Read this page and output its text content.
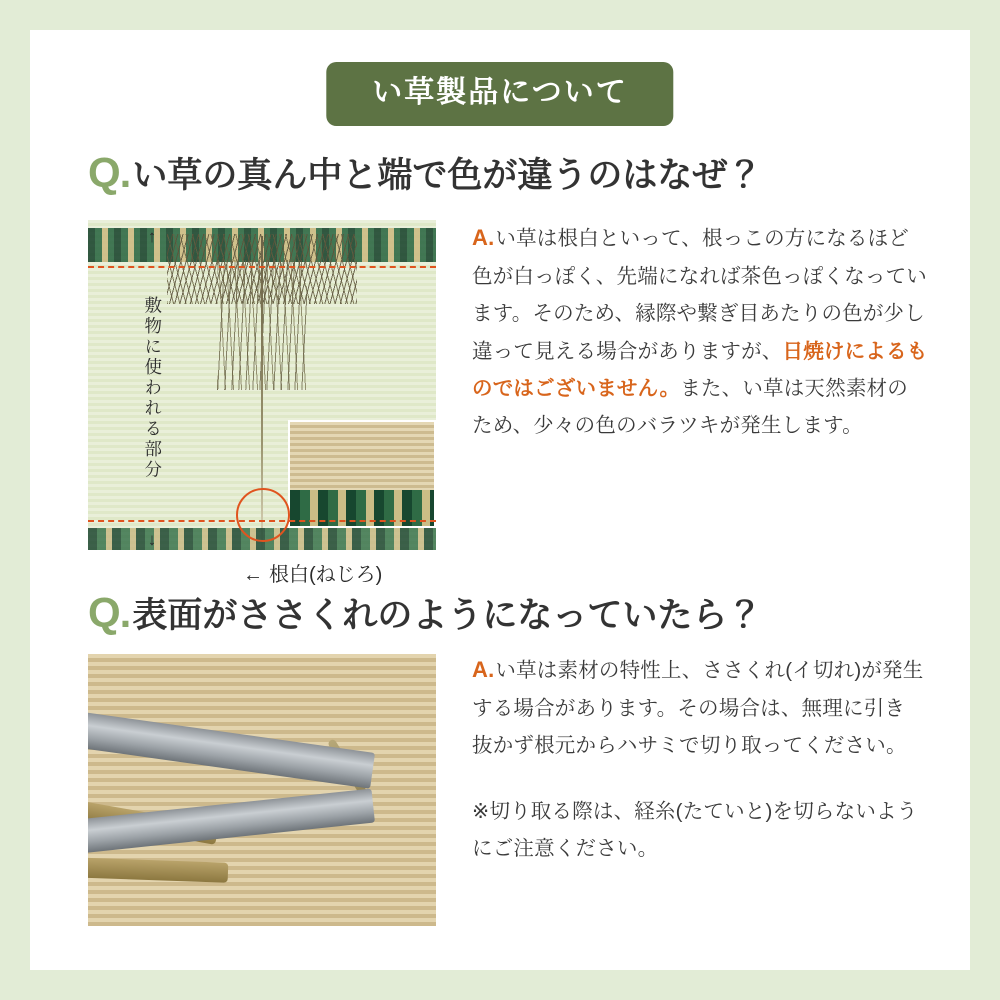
い草製品について
Q. い草の真ん中と端で色が違うのはなぜ？
↑
敷物に使われる部分
↓
← 根白(ねじろ)

A.い草は根白といって、根っこの方になるほど色が白っぽく、先端になれば茶色っぽくなっています。そのため、縁際や繋ぎ目あたりの色が少し違って見える場合がありますが、日焼けによるものではございません。また、い草は天然素材のため、少々の色のバラツキが発生します。

Q. 表面がささくれのようになっていたら？

A.い草は素材の特性上、ささくれ(イ切れ)が発生する場合があります。その場合は、無理に引き抜かず根元からハサミで切り取ってください。

※切り取る際は、経糸(たていと)を切らないようにご注意ください。
